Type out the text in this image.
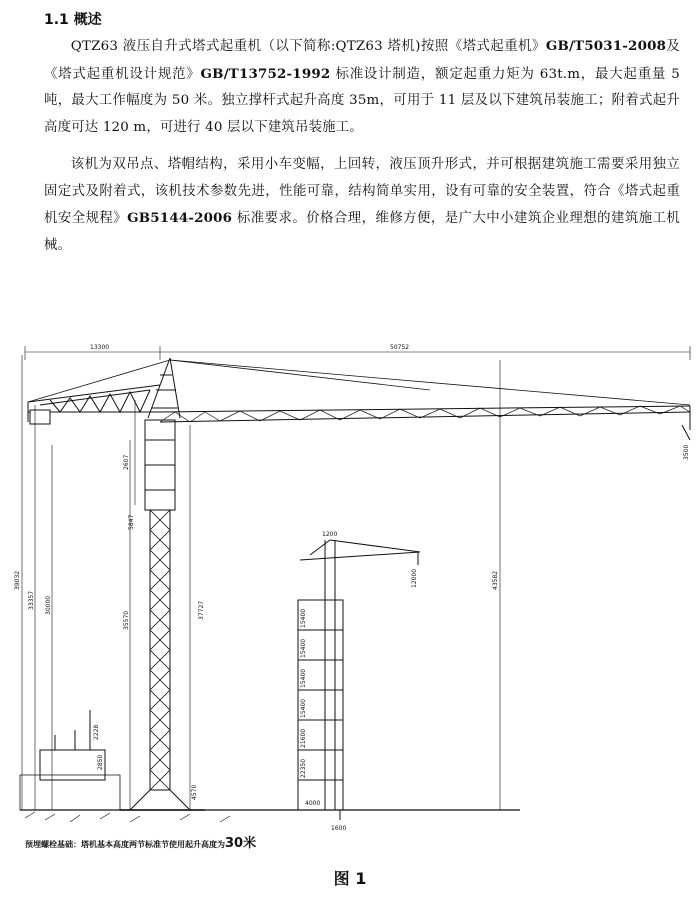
1.1 概述

QTZ63 液压自升式塔式起重机（以下简称:QTZ63 塔机)按照《塔式起重机》GB/T5031-2008及《塔式起重机设计规范》GB/T13752-1992 标准设计制造，额定起重力矩为 63t.m，最大起重量 5 吨，最大工作幅度为 50 米。独立撑杆式起升高度 35m，可用于 11 层及以下建筑吊装施工；附着式起升高度可达 120 m，可进行 40 层以下建筑吊装施工。

该机为双吊点、塔帽结构，采用小车变幅，上回转，液压顶升形式，并可根据建筑施工需要采用独立固定式及附着式，该机技术参数先进，性能可靠，结构简单实用，设有可靠的安全装置，符合《塔式起重机安全规程》GB5144-2006 标准要求。价格合理，维修方便，是广大中小建筑企业理想的建筑施工机械。

13300	50752
2607
5847
39032
33357 30000
35570
37727
43582
3500
2228
2850
4570
1200
12000
15400
15400
15400
15400
21600
22350
4000
1600
预埋螺栓基础：塔机基本高度两节标准节使用起升高度为30米
图 1
